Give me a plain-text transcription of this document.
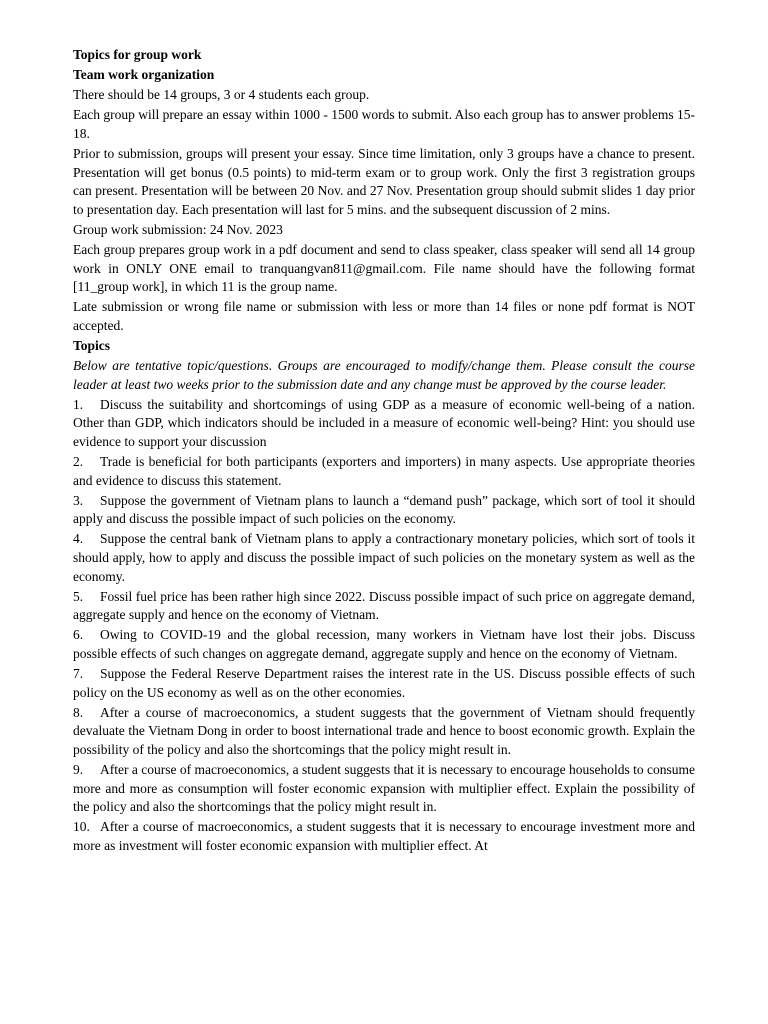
Topics for group work

Team work organization

There should be 14 groups, 3 or 4 students each group.

Each group will prepare an essay within 1000 - 1500 words to submit. Also each group has to answer problems 15-18.

Prior to submission, groups will present your essay. Since time limitation, only 3 groups have a chance to present. Presentation will get bonus (0.5 points) to mid-term exam or to group work. Only the first 3 registration groups can present. Presentation will be between 20 Nov. and 27 Nov. Presentation group should submit slides 1 day prior to presentation day. Each presentation will last for 5 mins. and the subsequent discussion of 2 mins.

Group work submission: 24 Nov. 2023

Each group prepares group work in a pdf document and send to class speaker, class speaker will send all 14 group work in ONLY ONE email to tranquangvan811@gmail.com. File name should have the following format [11_group work], in which 11 is the group name.

Late submission or wrong file name or submission with less or more than 14 files or none pdf format is NOT accepted.

Topics

Below are tentative topic/questions. Groups are encouraged to modify/change them. Please consult the course leader at least two weeks prior to the submission date and any change must be approved by the course leader.

1. Discuss the suitability and shortcomings of using GDP as a measure of economic well-being of a nation. Other than GDP, which indicators should be included in a measure of economic well-being? Hint: you should use evidence to support your discussion

2. Trade is beneficial for both participants (exporters and importers) in many aspects. Use appropriate theories and evidence to discuss this statement.

3. Suppose the government of Vietnam plans to launch a “demand push” package, which sort of tool it should apply and discuss the possible impact of such policies on the economy.

4. Suppose the central bank of Vietnam plans to apply a contractionary monetary policies, which sort of tools it should apply, how to apply and discuss the possible impact of such policies on the monetary system as well as the economy.

5. Fossil fuel price has been rather high since 2022. Discuss possible impact of such price on aggregate demand, aggregate supply and hence on the economy of Vietnam.

6. Owing to COVID-19 and the global recession, many workers in Vietnam have lost their jobs. Discuss possible effects of such changes on aggregate demand, aggregate supply and hence on the economy of Vietnam.

7. Suppose the Federal Reserve Department raises the interest rate in the US. Discuss possible effects of such policy on the US economy as well as on the other economies.

8. After a course of macroeconomics, a student suggests that the government of Vietnam should frequently devaluate the Vietnam Dong in order to boost international trade and hence to boost economic growth. Explain the possibility of the policy and also the shortcomings that the policy might result in.

9. After a course of macroeconomics, a student suggests that it is necessary to encourage households to consume more and more as consumption will foster economic expansion with multiplier effect. Explain the possibility of the policy and also the shortcomings that the policy might result in.

10. After a course of macroeconomics, a student suggests that it is necessary to encourage investment more and more as investment will foster economic expansion with multiplier effect. At
